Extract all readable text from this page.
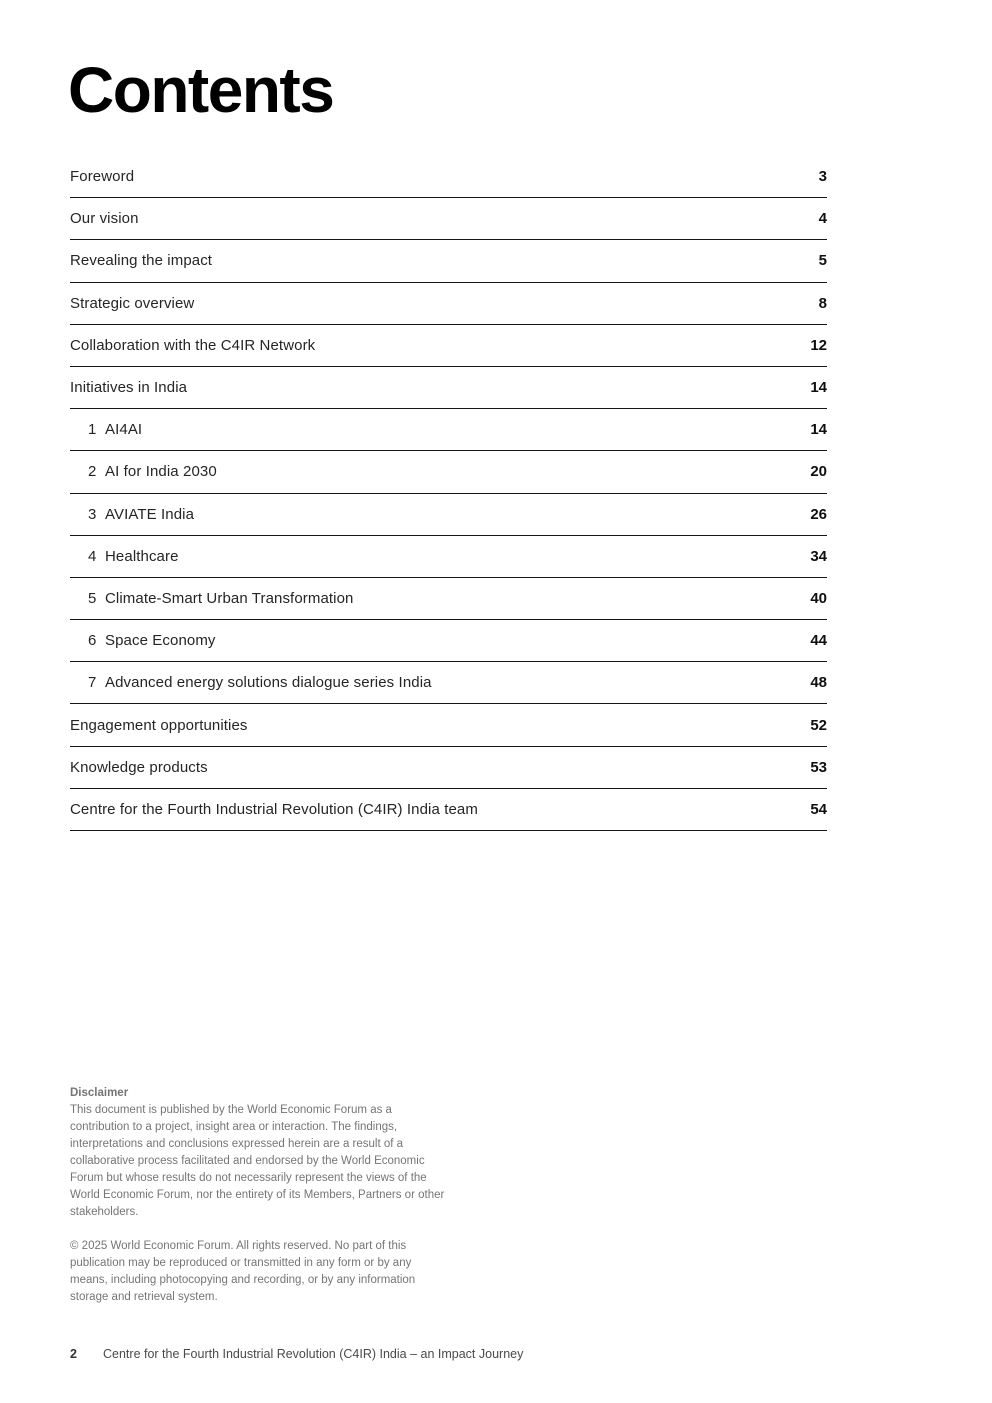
Contents
Foreword	3
Our vision	4
Revealing the impact	5
Strategic overview	8
Collaboration with the C4IR Network	12
Initiatives in India	14
1 AI4AI	14
2 AI for India 2030	20
3 AVIATE India	26
4 Healthcare	34
5 Climate-Smart Urban Transformation	40
6 Space Economy	44
7 Advanced energy solutions dialogue series India	48
Engagement opportunities	52
Knowledge products	53
Centre for the Fourth Industrial Revolution (C4IR) India team	54

Disclaimer

This document is published by the World Economic Forum as a contribution to a project, insight area or interaction. The findings, interpretations and conclusions expressed herein are a result of a collaborative process facilitated and endorsed by the World Economic Forum but whose results do not necessarily represent the views of the World Economic Forum, nor the entirety of its Members, Partners or other stakeholders.

© 2025 World Economic Forum. All rights reserved. No part of this publication may be reproduced or transmitted in any form or by any means, including photocopying and recording, or by any information storage and retrieval system.

2 Centre for the Fourth Industrial Revolution (C4IR) India – an Impact Journey
